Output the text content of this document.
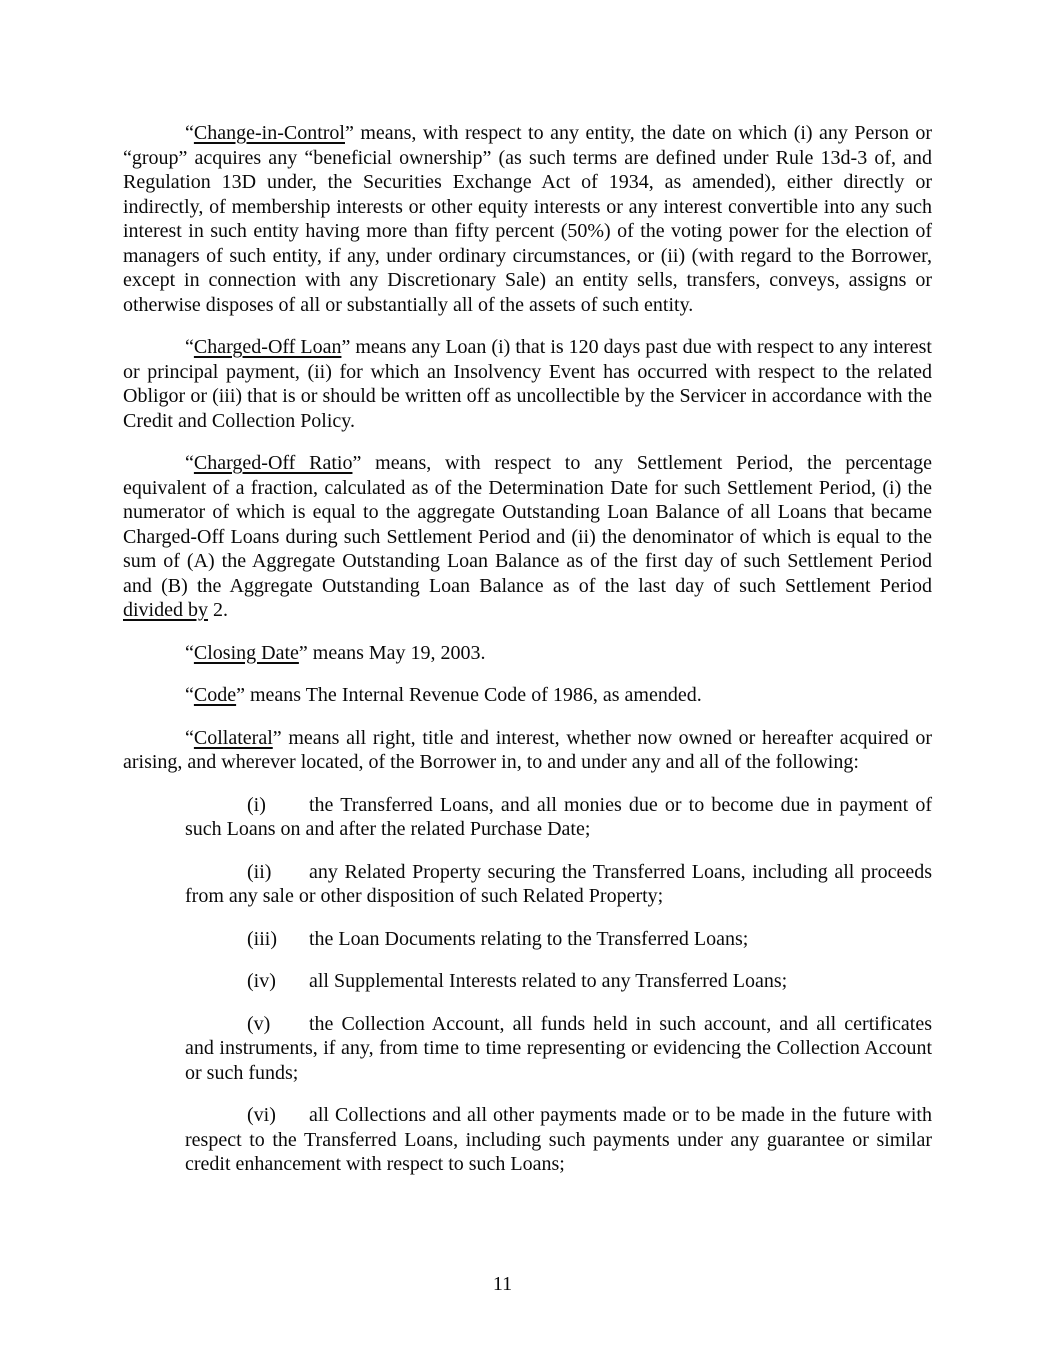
“Change-in-Control” means, with respect to any entity, the date on which (i) any Person or “group” acquires any “beneficial ownership” (as such terms are defined under Rule 13d-3 of, and Regulation 13D under, the Securities Exchange Act of 1934, as amended), either directly or indirectly, of membership interests or other equity interests or any interest convertible into any such interest in such entity having more than fifty percent (50%) of the voting power for the election of managers of such entity, if any, under ordinary circumstances, or (ii) (with regard to the Borrower, except in connection with any Discretionary Sale) an entity sells, transfers, conveys, assigns or otherwise disposes of all or substantially all of the assets of such entity.

“Charged-Off Loan” means any Loan (i) that is 120 days past due with respect to any interest or principal payment, (ii) for which an Insolvency Event has occurred with respect to the related Obligor or (iii) that is or should be written off as uncollectible by the Servicer in accordance with the Credit and Collection Policy.

“Charged-Off Ratio” means, with respect to any Settlement Period, the percentage equivalent of a fraction, calculated as of the Determination Date for such Settlement Period, (i) the numerator of which is equal to the aggregate Outstanding Loan Balance of all Loans that became Charged-Off Loans during such Settlement Period and (ii) the denominator of which is equal to the sum of (A) the Aggregate Outstanding Loan Balance as of the first day of such Settlement Period and (B) the Aggregate Outstanding Loan Balance as of the last day of such Settlement Period divided by 2.

“Closing Date” means May 19, 2003.

“Code” means The Internal Revenue Code of 1986, as amended.

“Collateral” means all right, title and interest, whether now owned or hereafter acquired or arising, and wherever located, of the Borrower in, to and under any and all of the following:

(i) the Transferred Loans, and all monies due or to become due in payment of such Loans on and after the related Purchase Date;

(ii) any Related Property securing the Transferred Loans, including all proceeds from any sale or other disposition of such Related Property;

(iii) the Loan Documents relating to the Transferred Loans;

(iv) all Supplemental Interests related to any Transferred Loans;

(v) the Collection Account, all funds held in such account, and all certificates and instruments, if any, from time to time representing or evidencing the Collection Account or such funds;

(vi) all Collections and all other payments made or to be made in the future with respect to the Transferred Loans, including such payments under any guarantee or similar credit enhancement with respect to such Loans;

11
